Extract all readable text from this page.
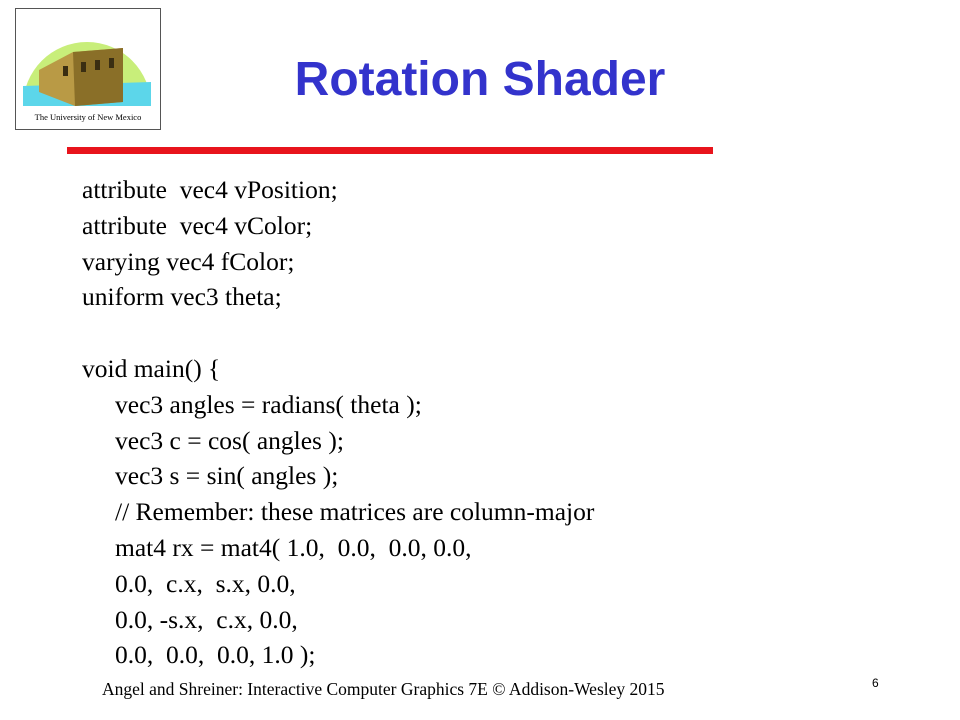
The University of New Mexico
Rotation Shader
attribute  vec4 vPosition;
attribute  vec4 vColor;
varying vec4 fColor;
uniform vec3 theta;
void main() {
vec3 angles = radians( theta );
vec3 c = cos( angles );
vec3 s = sin( angles );
// Remember: these matrices are column-major
mat4 rx = mat4( 1.0,  0.0,  0.0, 0.0,
0.0,  c.x,  s.x, 0.0,
0.0, -s.x,  c.x, 0.0,
0.0,  0.0,  0.0, 1.0 );
Angel and Shreiner: Interactive Computer Graphics 7E © Addison-Wesley 2015	6
